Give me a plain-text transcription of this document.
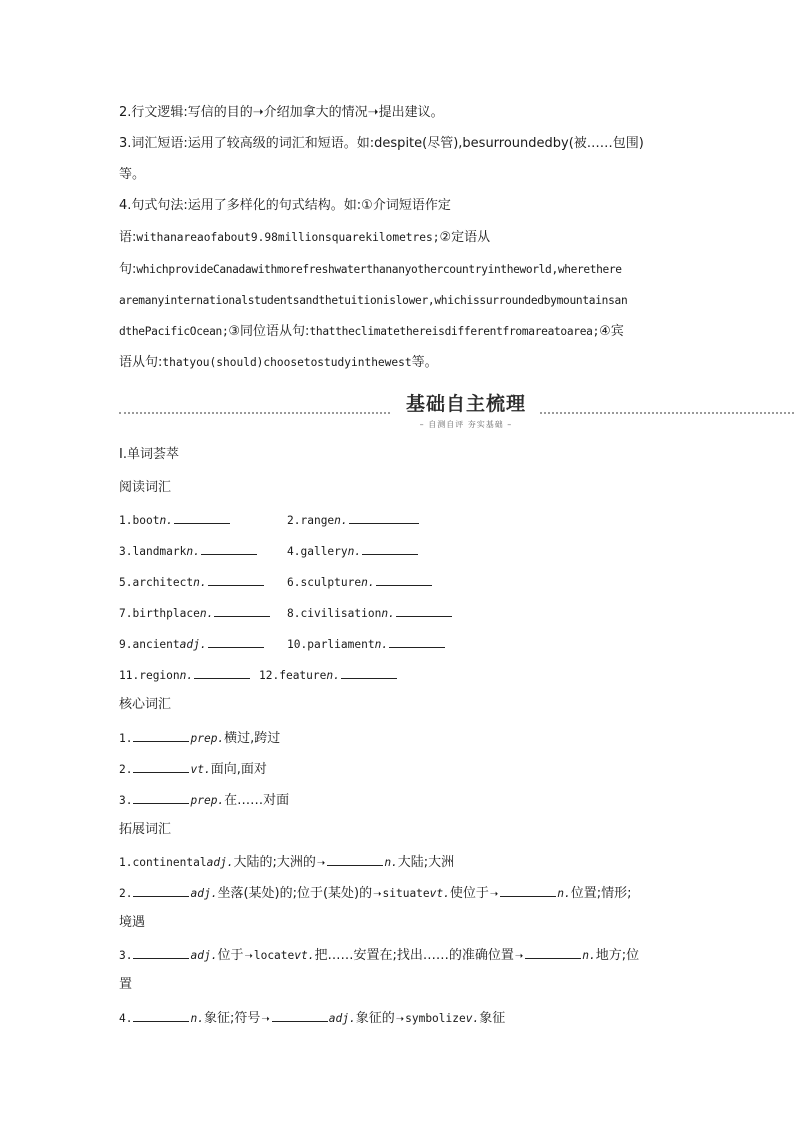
2.行文逻辑:写信的目的➝介绍加拿大的情况➝提出建议。
3.词汇短语:运用了较高级的词汇和短语。如:despite(尽管),besurroundedby(被……包围)
等。
4.句式句法:运用了多样化的句式结构。如:①介词短语作定
语:withanareaofabout9.98millionsquarekilometres;②定语从
句:whichprovideCanadawithmorefreshwaterthananyothercountryintheworld,wherethere
aremanyinternationalstudentsandthetuitionislower,whichissurroundedbymountainsan
dthePacificOcean;③同位语从句:thattheclimatethereisdifferentfromareatoarea;④宾
语从句:thatyou(should)choosetostudyinthewest等。
基础自主梳理
– 自测自评 夯实基础 –
Ⅰ.单词荟萃
阅读词汇
1.bootn.	2.rangen.
3.landmarkn.	4.galleryn.
5.architectn.	6.sculpturen.
7.birthplacen.	8.civilisationn.
9.ancientadj.	10.parliamentn.
11.regionn.	12.featuren.
核心词汇
1.	prep.横过,跨过
2.	vt.面向,面对
3.	prep.在……对面
拓展词汇
1.continentaladj.大陆的;大洲的➝	n.大陆;大洲
2.	adj.坐落(某处)的;位于(某处)的➝situatevt.使位于➝	n.位置;情形;
境遇
3.	adj.位于➝locatevt.把……安置在;找出……的准确位置➝	n.地方;位
置
4.	n.象征;符号➝	adj.象征的➝symbolizev.象征
